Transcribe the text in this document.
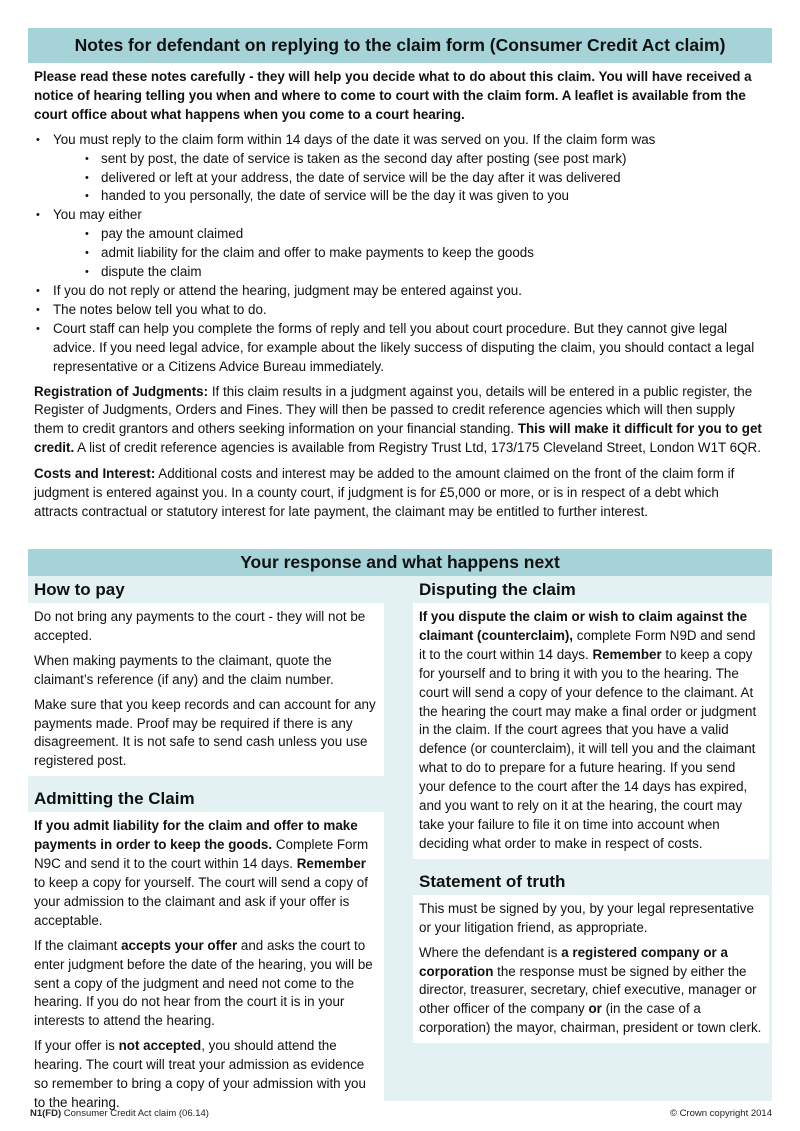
Notes for defendant on replying to the claim form (Consumer Credit Act claim)

Please read these notes carefully - they will help you decide what to do about this claim. You will have received a notice of hearing telling you when and where to come to court with the claim form. A leaflet is available from the court office about what happens when you come to a court hearing.

• You must reply to the claim form within 14 days of the date it was served on you. If the claim form was
• sent by post, the date of service is taken as the second day after posting (see post mark)
• delivered or left at your address, the date of service will be the day after it was delivered
• handed to you personally, the date of service will be the day it was given to you
• You may either
• pay the amount claimed
• admit liability for the claim and offer to make payments to keep the goods
• dispute the claim
• If you do not reply or attend the hearing, judgment may be entered against you.
• The notes below tell you what to do.
• Court staff can help you complete the forms of reply and tell you about court procedure. But they cannot give legal advice. If you need legal advice, for example about the likely success of disputing the claim, you should contact a legal representative or a Citizens Advice Bureau immediately.

Registration of Judgments: If this claim results in a judgment against you, details will be entered in a public register, the Register of Judgments, Orders and Fines. They will then be passed to credit reference agencies which will then supply them to credit grantors and others seeking information on your financial standing. This will make it difficult for you to get credit. A list of credit reference agencies is available from Registry Trust Ltd, 173/175 Cleveland Street, London W1T 6QR.

Costs and Interest: Additional costs and interest may be added to the amount claimed on the front of the claim form if judgment is entered against you. In a county court, if judgment is for £5,000 or more, or is in respect of a debt which attracts contractual or statutory interest for late payment, the claimant may be entitled to further interest.

Your response and what happens next
How to pay

Do not bring any payments to the court - they will not be accepted.

When making payments to the claimant, quote the claimant’s reference (if any) and the claim number.

Make sure that you keep records and can account for any payments made. Proof may be required if there is any disagreement. It is not safe to send cash unless you use registered post.

Admitting the Claim

If you admit liability for the claim and offer to make payments in order to keep the goods. Complete Form N9C and send it to the court within 14 days. Remember to keep a copy for yourself. The court will send a copy of your admission to the claimant and ask if your offer is acceptable.

If the claimant accepts your offer and asks the court to enter judgment before the date of the hearing, you will be sent a copy of the judgment and need not come to the hearing. If you do not hear from the court it is in your interests to attend the hearing.

If your offer is not accepted, you should attend the hearing. The court will treat your admission as evidence so remember to bring a copy of your admission with you to the hearing.

Disputing the claim

If you dispute the claim or wish to claim against the claimant (counterclaim), complete Form N9D and send it to the court within 14 days. Remember to keep a copy for yourself and to bring it with you to the hearing. The court will send a copy of your defence to the claimant. At the hearing the court may make a final order or judgment in the claim. If the court agrees that you have a valid defence (or counterclaim), it will tell you and the claimant what to do to prepare for a future hearing. If you send your defence to the court after the 14 days has expired, and you want to rely on it at the hearing, the court may take your failure to file it on time into account when deciding what order to make in respect of costs.

Statement of truth

This must be signed by you, by your legal representative or your litigation friend, as appropriate.

Where the defendant is a registered company or a corporation the response must be signed by either the director, treasurer, secretary, chief executive, manager or other officer of the company or (in the case of a corporation) the mayor, chairman, president or town clerk.

N1(FD) Consumer Credit Act claim (06.14)	© Crown copyright 2014
